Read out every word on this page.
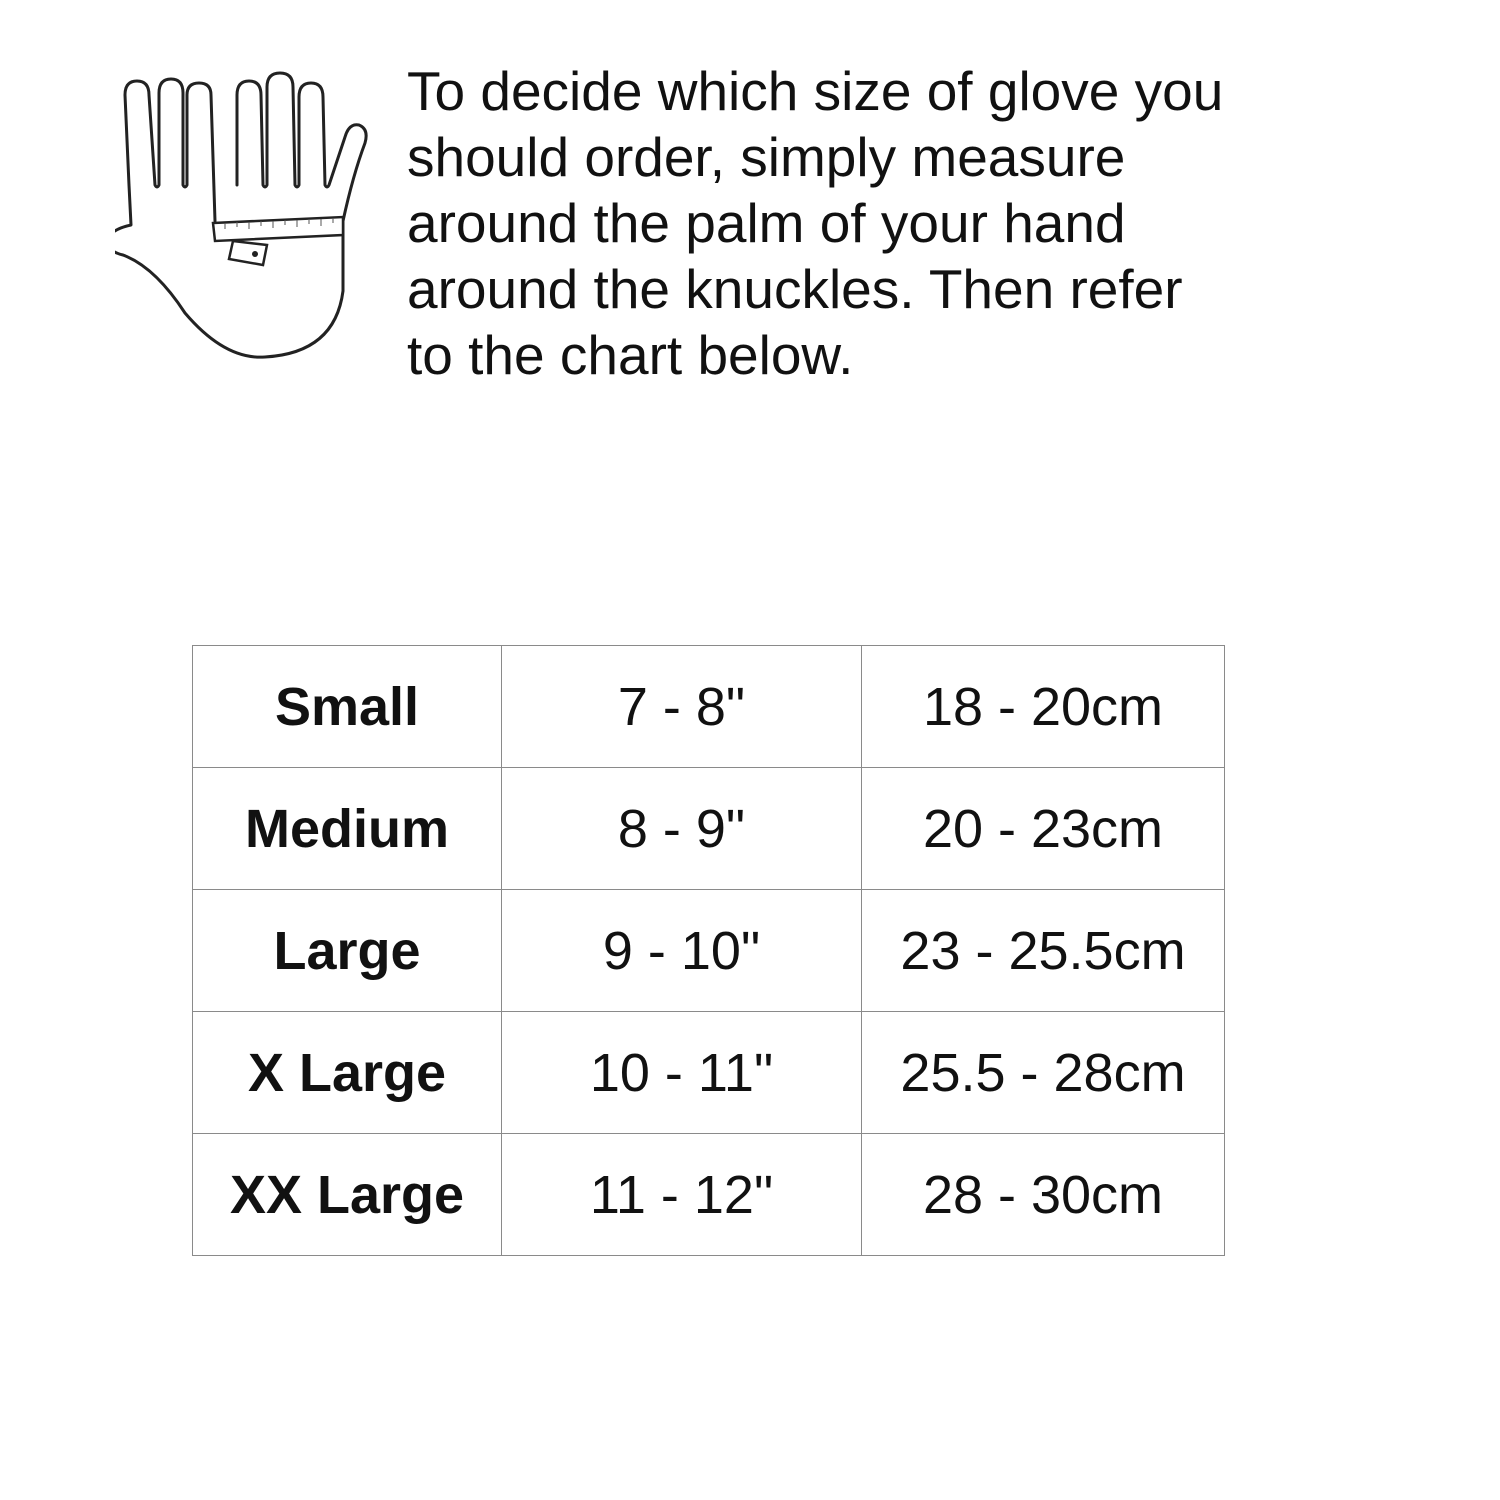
To decide which size of glove you
should order, simply measure
around the palm of your hand
around the knuckles. Then refer
to the chart below.

Small	7 - 8"	18 - 20cm
Medium	8 - 9"	20 - 23cm
Large	9 - 10"	23 - 25.5cm
X Large	10 - 11"	25.5 - 28cm
XX Large	11 - 12"	28 - 30cm
